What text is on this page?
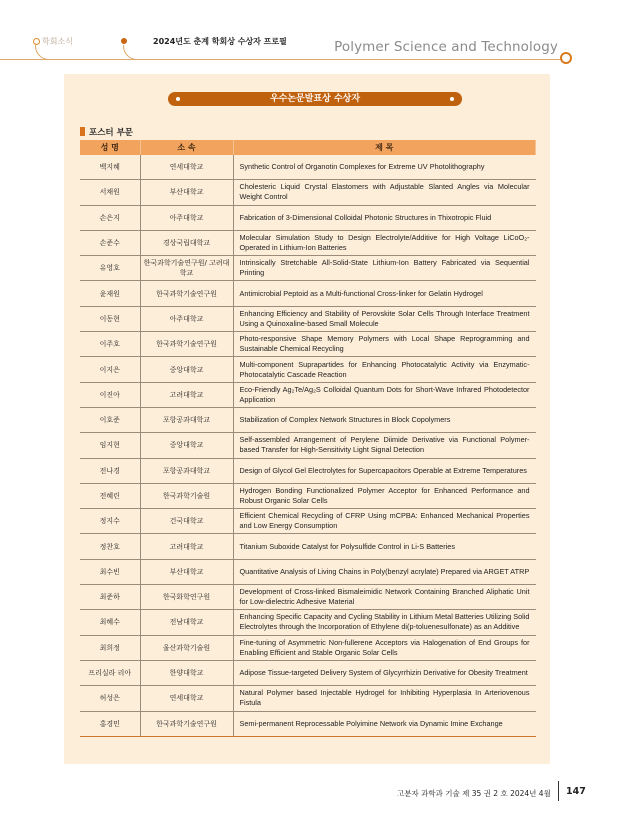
학회소식	2024년도 춘계 학회상 수상자 프로필	Polymer Science and Technology
우수논문발표상 수상자
포스터 부문
성 명	소 속	제 목
백지혜	연세대학교	Synthetic Control of Organotin Complexes for Extreme UV Photolithography
서채원	부산대학교	Cholesteric Liquid Crystal Elastomers with Adjustable Slanted Angles via Molecular Weight Control
손은지	아주대학교	Fabrication of 3-Dimensional Colloidal Photonic Structures in Thixotropic Fluid
손준수	경상국립대학교	Molecular Simulation Study to Design Electrolyte/Additive for High Voltage LiCoO₂-Operated in Lithium-Ion Batteries
유영호	한국과학기술연구원/ 고려대학교	Intrinsically Stretchable All-Solid-State Lithium-Ion Battery Fabricated via Sequential Printing
윤재원	한국과학기술연구원	Antimicrobial Peptoid as a Multi-functional Cross-linker for Gelatin Hydrogel
이동현	아주대학교	Enhancing Efficiency and Stability of Perovskite Solar Cells Through Interface Treatment Using a Quinoxaline-based Small Molecule
이주호	한국과학기술연구원	Photo-responsive Shape Memory Polymers with Local Shape Reprogramming and Sustainable Chemical Recycling
이지은	중앙대학교	Multi-component Suprapartides for Enhancing Photocatalytic Activity via Enzymatic-Photocatalytic Cascade Reaction
이진아	고려대학교	Eco-Friendly Ag₂Te/Ag₂S Colloidal Quantum Dots for Short-Wave Infrared Photodetector Application
이호준	포항공과대학교	Stabilization of Complex Network Structures in Block Copolymers
임지현	중앙대학교	Self-assembled Arrangement of Perylene Diimide Derivative via Functional Polymer-based Transfer for High-Sensitivity Light Signal Detection
전나경	포항공과대학교	Design of Glycol Gel Electrolytes for Supercapacitors Operable at Extreme Temperatures
전혜린	한국과학기술원	Hydrogen Bonding Functionalized Polymer Acceptor for Enhanced Performance and Robust Organic Solar Cells
정지수	건국대학교	Efficient Chemical Recycling of CFRP Using mCPBA: Enhanced Mechanical Properties and Low Energy Consumption
정찬호	고려대학교	Titanium Suboxide Catalyst for Polysulfide Control in Li-S Batteries
최수빈	부산대학교	Quantitative Analysis of Living Chains in Poly(benzyl acrylate) Prepared via ARGET ATRP
최준하	한국화학연구원	Development of Cross-linked Bismaleimidic Network Containing Branched Aliphatic Unit for Low-dielectric Adhesive Material
최혜수	전남대학교	Enhancing Specific Capacity and Cycling Stability in Lithium Metal Batteries Utilizing Solid Electrolytes through the Incorporation of Ethylene di(p-toluenesulfonate) as an Additive
최희정	울산과학기술원	Fine-tuning of Asymmetric Non-fullerene Acceptors via Halogenation of End Groups for Enabling Efficient and Stable Organic Solar Cells
프리실라 리아	한양대학교	Adipose Tissue-targeted Delivery System of Glycyrrhizin Derivative for Obesity Treatment
허성은	연세대학교	Natural Polymer based Injectable Hydrogel for Inhibiting Hyperplasia In Arteriovenous Fistula
홍경민	한국과학기술연구원	Semi-permanent Reprocessable Polyimine Network via Dynamic Imine Exchange
고분자 과학과 기술 제 35 권 2 호 2024년 4월 147
